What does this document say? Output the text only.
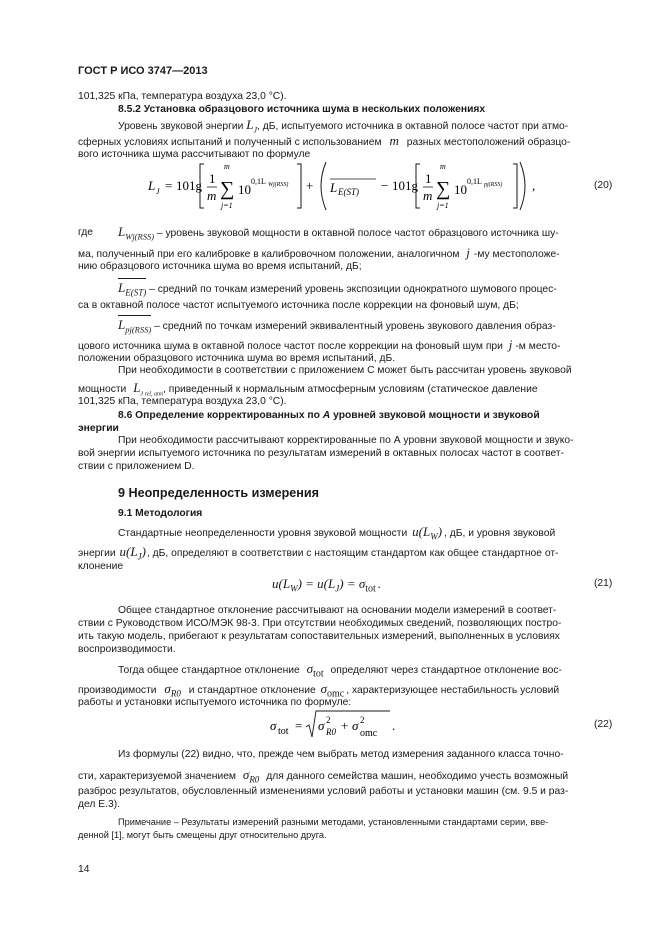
ГОСТ Р ИСО 3747—2013
101,325 кПа, температура воздуха 23,0 °С).
8.5.2 Установка образцового источника шума в нескольких положениях
Уровень звуковой энергии $L_J$, дБ, испытуемого источника в октавной полосе частот при атмо-
сферных условиях испытаний и полученный с использованием m разных местоположений образцо-
вого источника шума рассчитывают по формуле
L J = 101g 1
m
m
∑
j=1
10
0,1L Wj(RSS) + L E(ST) − 101g 1
m
m
∑
j=1
10
0,1L pj(RSS) ,	(20)
где $L_{Wj(RSS)}$ – уровень звуковой мощности в октавной полосе частот образцового источника шу-
ма, полученный при его калибровке в калибровочном положении, аналогичном j -му местоположе-
нию образцового источника шума во время испытаний, дБ;
$L_{E(ST)}$ – средний по точкам измерений уровень экспозиции однократного шумового процес-
са в октавной полосе частот испытуемого источника после коррекции на фоновый шум, дБ;
$L_{pj(RSS)}$ – средний по точкам измерений эквивалентный уровень звукового давления образ-
цового источника шума в октавной полосе частот после коррекции на фоновый шум при j -м место-
положении образцового источника шума во время испытаний, дБ.
При необходимости в соответствии с приложением С может быть рассчитан уровень звуковой
мощности $L_{J rel, atm}$, приведенный к нормальным атмосферным условиям (статическое давление
101,325 кПа, температура воздуха 23,0 °С).
8.6 Определение корректированных по А уровней звуковой мощности и звуковой
энергии
При необходимости рассчитывают корректированные по А уровни звуковой мощности и звуко-
вой энергии испытуемого источника по результатам измерений в октавных полосах частот в соответ-
ствии с приложением D.
9 Неопределенность измерения
9.1 Методология
Стандартные неопределенности уровня звуковой мощности $u(L_W)$ , дБ, и уровня звуковой
энергии $u(L_J)$, дБ, определяют в соответствии с настоящим стандартом как общее стандартное от-
клонение
$u(L_W) = u(L_J) = \sigma_{tot}$ .	(21)
Общее стандартное отклонение рассчитывают на основании модели измерений в соответ-
ствии с Руководством ИСО/МЭК 98-3. При отсутствии необходимых сведений, позволяющих постро-
ить такую модель, прибегают к результатам сопоставительных измерений, выполненных в условиях
воспроизводимости.
Тогда общее стандартное отклонение $\sigma_{tot}$ определяют через стандартное отклонение вос-
производимости $\sigma_{R0}$ и стандартное отклонение $\sigma_{omc}$ , характеризующее нестабильность условий
работы и установки испытуемого источника по формуле:
σ tot = σ 2
R0 + σ 2
omc
.	(22)
Из формулы (22) видно, что, прежде чем выбрать метод измерения заданного класса точно-
сти, характеризуемой значением $\sigma_{R0}$ для данного семейства машин, необходимо учесть возможный
разброс результатов, обусловленный изменениями условий работы и установки машин (см. 9.5 и раз-
дел Е.3).
Примечание – Результаты измерений разными методами, установленными стандартами серии, вве-
денной [1], могут быть смещены друг относительно друга.
14
